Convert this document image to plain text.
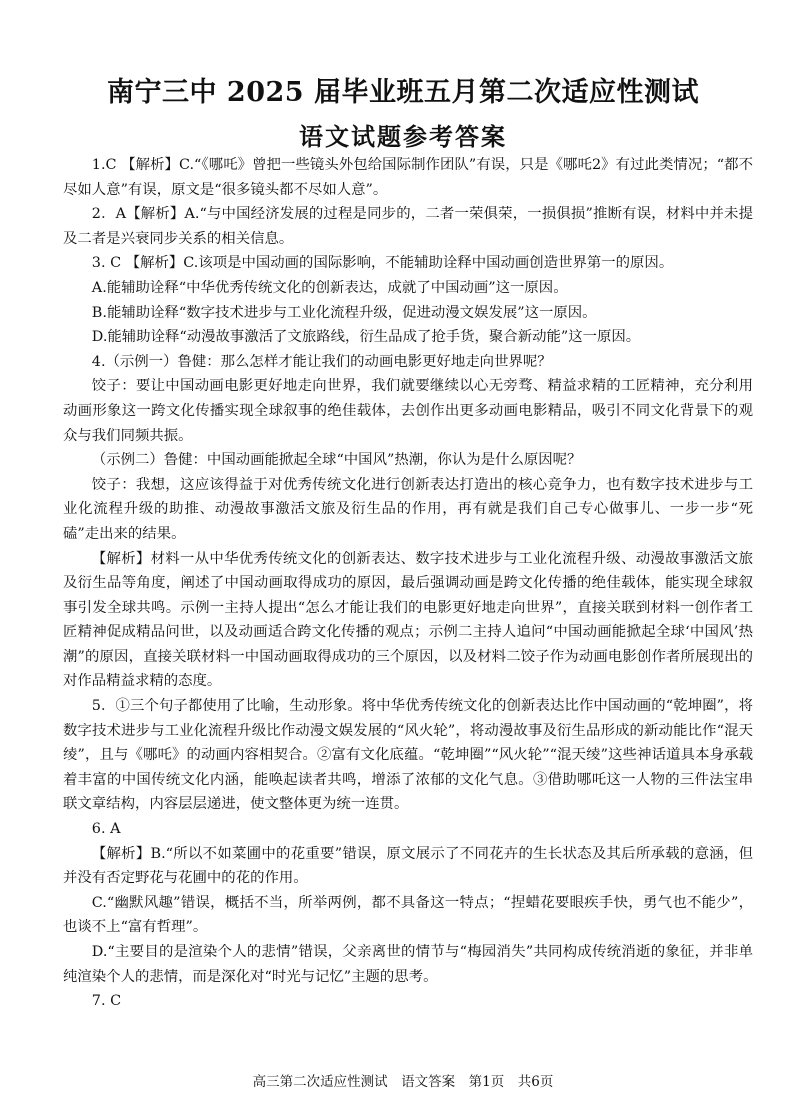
南宁三中 2025 届毕业班五月第二次适应性测试
语文试题参考答案

1.C 【解析】C.“《哪吒》曾把一些镜头外包给国际制作团队”有误，只是《哪吒2》有过此类情况；“都不尽如人意”有误，原文是“很多镜头都不尽如人意”。

2．A【解析】A.“与中国经济发展的过程是同步的，二者一荣俱荣，一损俱损”推断有误，材料中并未提及二者是兴衰同步关系的相关信息。

3. C 【解析】C.该项是中国动画的国际影响，不能辅助诠释中国动画创造世界第一的原因。

A.能辅助诠释“中华优秀传统文化的创新表达，成就了中国动画”这一原因。

B.能辅助诠释“数字技术进步与工业化流程升级，促进动漫文娱发展”这一原因。

D.能辅助诠释“动漫故事激活了文旅路线，衍生品成了抢手货，聚合新动能”这一原因。

4.（示例一）鲁健：那么怎样才能让我们的动画电影更好地走向世界呢？

饺子：要让中国动画电影更好地走向世界，我们就要继续以心无旁骛、精益求精的工匠精神，充分利用动画形象这一跨文化传播实现全球叙事的绝佳载体，去创作出更多动画电影精品，吸引不同文化背景下的观众与我们同频共振。

（示例二）鲁健：中国动画能掀起全球“中国风”热潮，你认为是什么原因呢？

饺子：我想，这应该得益于对优秀传统文化进行创新表达打造出的核心竞争力，也有数字技术进步与工业化流程升级的助推、动漫故事激活文旅及衍生品的作用，再有就是我们自己专心做事儿、一步一步“死磕”走出来的结果。

【解析】材料一从中华优秀传统文化的创新表达、数字技术进步与工业化流程升级、动漫故事激活文旅及衍生品等角度，阐述了中国动画取得成功的原因，最后强调动画是跨文化传播的绝佳载体，能实现全球叙事引发全球共鸣。示例一主持人提出“怎么才能让我们的电影更好地走向世界”，直接关联到材料一创作者工匠精神促成精品问世，以及动画适合跨文化传播的观点；示例二主持人追问“中国动画能掀起全球‘中国风’热潮”的原因，直接关联材料一中国动画取得成功的三个原因，以及材料二饺子作为动画电影创作者所展现出的对作品精益求精的态度。

5．①三个句子都使用了比喻，生动形象。将中华优秀传统文化的创新表达比作中国动画的“乾坤圈”，将数字技术进步与工业化流程升级比作动漫文娱发展的“风火轮”，将动漫故事及衍生品形成的新动能比作“混天绫”，且与《哪吒》的动画内容相契合。②富有文化底蕴。“乾坤圈”“风火轮”“混天绫”这些神话道具本身承载着丰富的中国传统文化内涵，能唤起读者共鸣，增添了浓郁的文化气息。③借助哪吒这一人物的三件法宝串联文章结构，内容层层递进，使文整体更为统一连贯。

6. A

【解析】B.“所以不如菜圃中的花重要”错误，原文展示了不同花卉的生长状态及其后所承载的意涵，但并没有否定野花与花圃中的花的作用。

C.“幽默风趣”错误，概括不当，所举两例，都不具备这一特点；“捏蜡花要眼疾手快，勇气也不能少”，也谈不上“富有哲理”。

D.“主要目的是渲染个人的悲情”错误，父亲离世的情节与“梅园消失”共同构成传统消逝的象征，并非单纯渲染个人的悲情，而是深化对“时光与记忆”主题的思考。

7. C

高三第二次适应性测试　语文答案　第1页　共6页
